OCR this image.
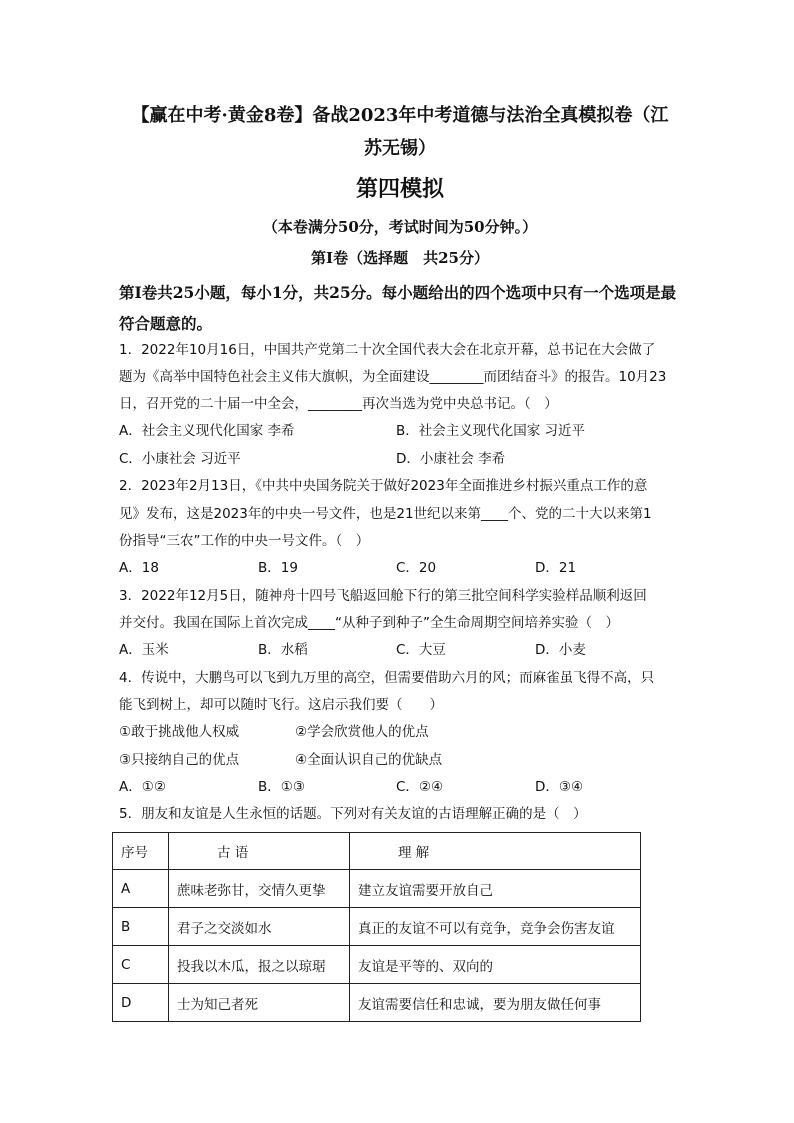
【赢在中考·黄金8卷】备战2023年中考道德与法治全真模拟卷（江
苏无锡）
第四模拟
（本卷满分50分，考试时间为50分钟。）
第I卷（选择题　共25分）
第I卷共25小题，每小1分，共25分。每小题给出的四个选项中只有一个选项是最符合题意的。
1．2022年10月16日，中国共产党第二十次全国代表大会在北京开幕，总书记在大会做了
题为《高举中国特色社会主义伟大旗帜，为全面建设________而团结奋斗》的报告。10月23
日，召开党的二十届一中全会，________再次当选为党中央总书记。（　）
A．社会主义现代化国家 李希	B．社会主义现代化国家 习近平
C．小康社会 习近平	D．小康社会 李希
2．2023年2月13日，《中共中央国务院关于做好2023年全面推进乡村振兴重点工作的意
见》发布，这是2023年的中央一号文件，也是21世纪以来第____个、党的二十大以来第1
份指导“三农”工作的中央一号文件。（　）
A．18	B．19	C．20	D．21
3．2022年12月5日，随神舟十四号飞船返回舱下行的第三批空间科学实验样品顺利返回
并交付。我国在国际上首次完成____“从种子到种子”全生命周期空间培养实验（　）
A．玉米	B．水稻	C．大豆	D．小麦
4．传说中，大鹏鸟可以飞到九万里的高空，但需要借助六月的风；而麻雀虽飞得不高，只
能飞到树上，却可以随时飞行。这启示我们要（　　）
①敢于挑战他人权威	②学会欣赏他人的优点
③只接纳自己的优点	④全面认识自己的优缺点
A．①②	B．①③	C．②④	D．③④
5．朋友和友谊是人生永恒的话题。下列对有关友谊的古语理解正确的是（　）
序号	古 语	理 解
A	蔗味老弥甘，交情久更挚	建立友谊需要开放自己
B	君子之交淡如水	真正的友谊不可以有竞争，竞争会伤害友谊
C	投我以木瓜，报之以琼琚	友谊是平等的、双向的
D	士为知己者死	友谊需要信任和忠诚，要为朋友做任何事
